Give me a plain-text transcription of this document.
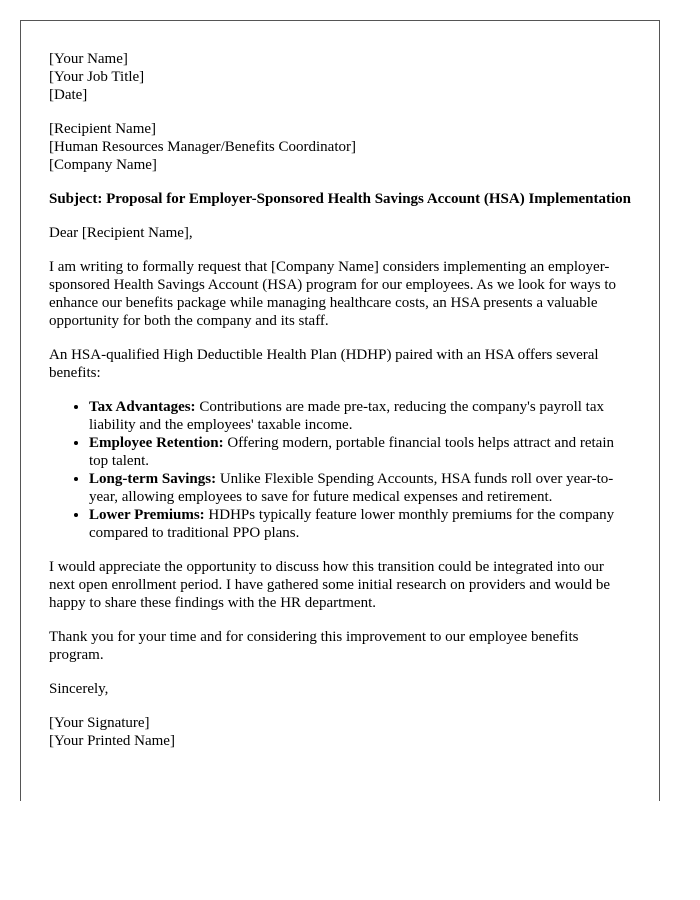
[Your Name]
[Your Job Title]
[Date]
[Recipient Name]
[Human Resources Manager/Benefits Coordinator]
[Company Name]
Subject: Proposal for Employer-Sponsored Health Savings Account (HSA) Implementation

Dear [Recipient Name],

I am writing to formally request that [Company Name] considers implementing an employer-sponsored Health Savings Account (HSA) program for our employees. As we look for ways to enhance our benefits package while managing healthcare costs, an HSA presents a valuable opportunity for both the company and its staff.

An HSA-qualified High Deductible Health Plan (HDHP) paired with an HSA offers several benefits:

• Tax Advantages: Contributions are made pre-tax, reducing the company's payroll tax liability and the employees' taxable income.
• Employee Retention: Offering modern, portable financial tools helps attract and retain top talent.
• Long-term Savings: Unlike Flexible Spending Accounts, HSA funds roll over year-to-year, allowing employees to save for future medical expenses and retirement.
• Lower Premiums: HDHPs typically feature lower monthly premiums for the company compared to traditional PPO plans.

I would appreciate the opportunity to discuss how this transition could be integrated into our next open enrollment period. I have gathered some initial research on providers and would be happy to share these findings with the HR department.

Thank you for your time and for considering this improvement to our employee benefits program.

Sincerely,

[Your Signature]
[Your Printed Name]
